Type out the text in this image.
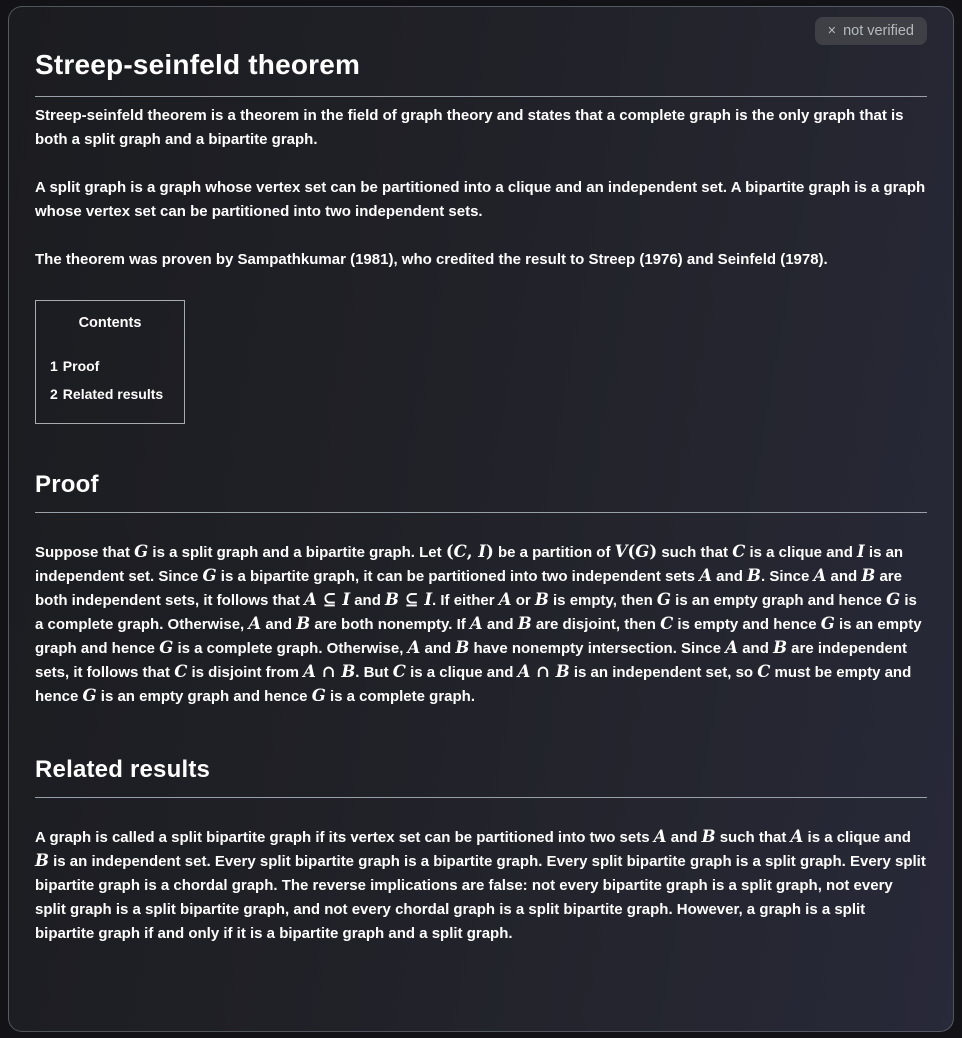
× not verified
Streep-seinfeld theorem

Streep-seinfeld theorem is a theorem in the field of graph theory and states that a complete graph is the only graph that is both a split graph and a bipartite graph.

A split graph is a graph whose vertex set can be partitioned into a clique and an independent set. A bipartite graph is a graph whose vertex set can be partitioned into two independent sets.

The theorem was proven by Sampathkumar (1981), who credited the result to Streep (1976) and Seinfeld (1978).

Contents
1 Proof
2 Related results
Proof

Suppose that G is a split graph and a bipartite graph. Let (C, I) be a partition of V(G) such that C is a clique and I is an independent set. Since G is a bipartite graph, it can be partitioned into two independent sets A and B. Since A and B are both independent sets, it follows that A ⊆ I and B ⊆ I. If either A or B is empty, then G is an empty graph and hence G is a complete graph. Otherwise, A and B are both nonempty. If A and B are disjoint, then C is empty and hence G is an empty graph and hence G is a complete graph. Otherwise, A and B have nonempty intersection. Since A and B are independent sets, it follows that C is disjoint from A ∩ B. But C is a clique and A ∩ B is an independent set, so C must be empty and hence G is an empty graph and hence G is a complete graph.

Related results

A graph is called a split bipartite graph if its vertex set can be partitioned into two sets A and B such that A is a clique and B is an independent set. Every split bipartite graph is a bipartite graph. Every split bipartite graph is a split graph. Every split bipartite graph is a chordal graph. The reverse implications are false: not every bipartite graph is a split graph, not every split graph is a split bipartite graph, and not every chordal graph is a split bipartite graph. However, a graph is a split bipartite graph if and only if it is a bipartite graph and a split graph.
